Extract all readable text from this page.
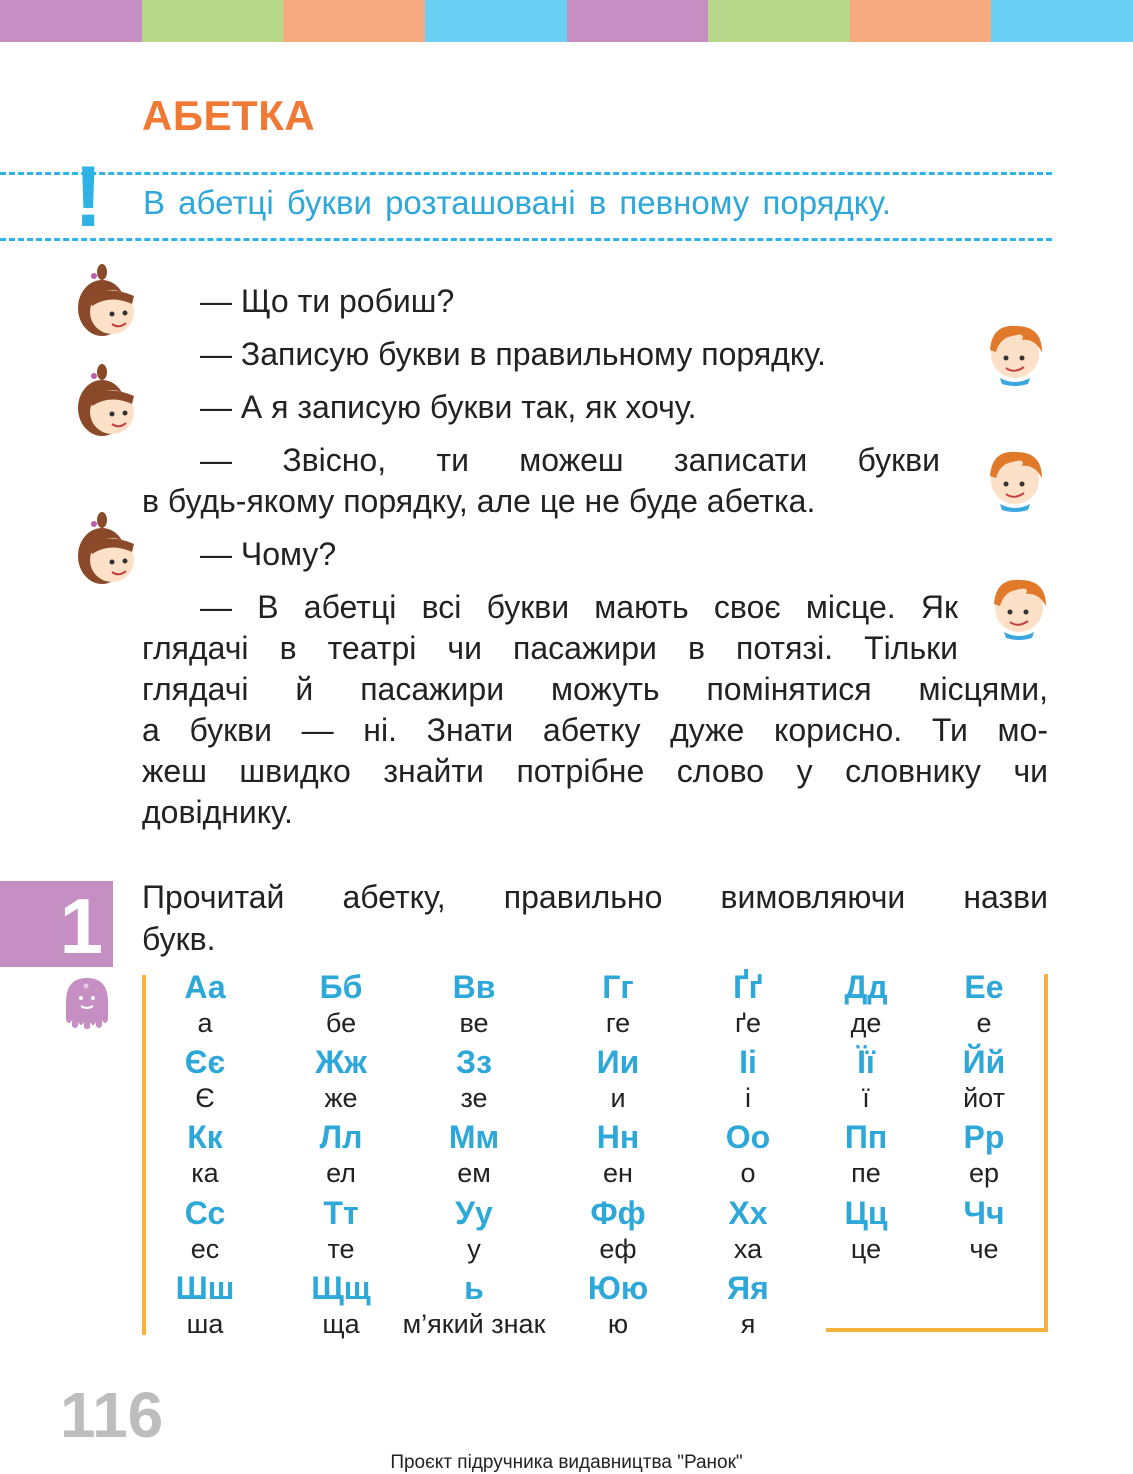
АБЕТКА
! В абетці букви розташовані в певному порядку.
— Що ти робиш?
— Записую букви в правильному порядку.
— А я записую букви так, як хочу.
— Звісно, ти можеш записати букви
в будь-якому порядку, але це не буде абетка.
— Чому?
— В абетці всі букви мають своє місце. Як
глядачі в театрі чи пасажири в потязі. Тільки
глядачі й пасажири можуть помінятися місцями,
а букви — ні. Знати абетку дуже корисно. Ти мо-
жеш швидко знайти потрібне слово у словнику чи
довіднику.
1	Прочитай абетку, правильно вимовляючи назви
букв.
Аа
а
Бб
бе
Вв
ве
Гг
ге
Ґґ
ґе
Дд
де
Ее
е
Єє
Є
Жж
же
Зз
зе
Ии
и
Іі
і
Її
ї
Йй
йот
Кк
ка
Лл
ел
Мм
ем
Нн
ен
Оо
о
Пп
пе
Рр
ер
Сс
ес
Тт
те
Уу
у
Фф
еф
Хх
ха
Цц
це
Чч
че
Шш
ша
Щщ
ща
ь
м’який знак
Юю
ю
Яя
я
116
Проєкт підручника видавництва "Ранок"
